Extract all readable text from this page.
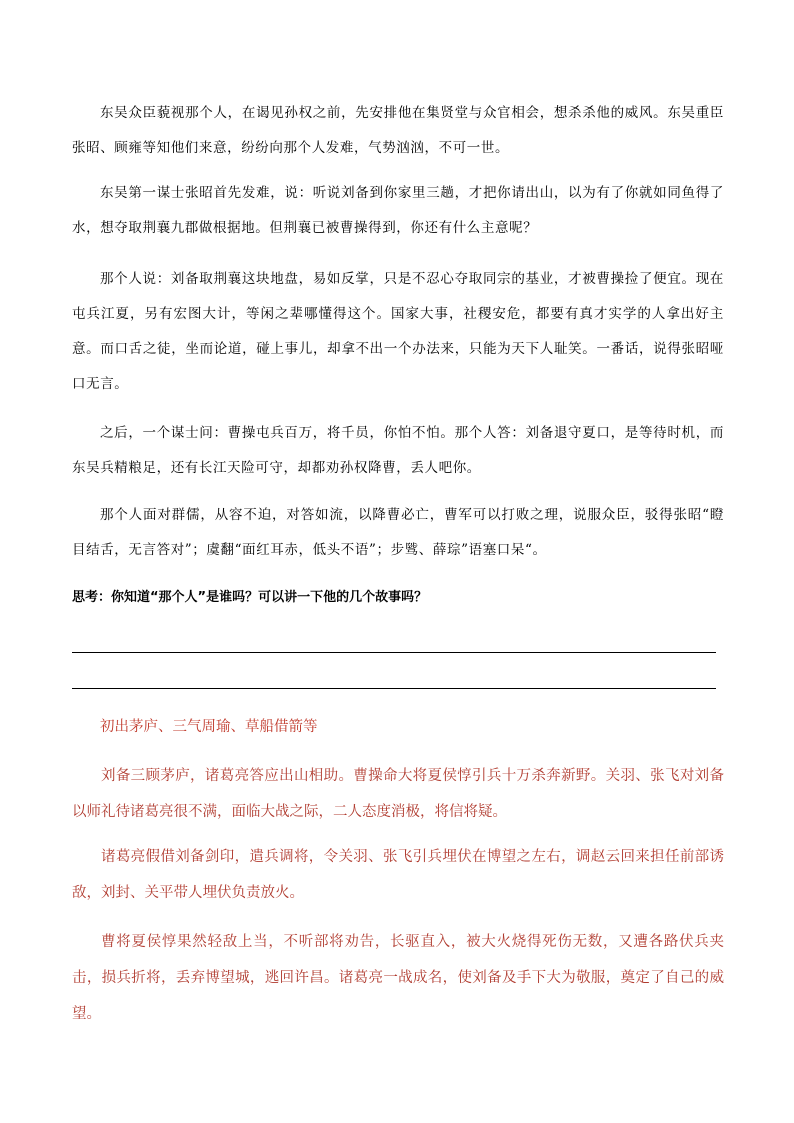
东吴众臣藐视那个人，在谒见孙权之前，先安排他在集贤堂与众官相会，想杀杀他的威风。东吴重臣张昭、顾雍等知他们来意，纷纷向那个人发难，气势汹汹，不可一世。

东吴第一谋士张昭首先发难，说：听说刘备到你家里三趟，才把你请出山，以为有了你就如同鱼得了水，想夺取荆襄九郡做根据地。但荆襄已被曹操得到，你还有什么主意呢？

那个人说：刘备取荆襄这块地盘，易如反掌，只是不忍心夺取同宗的基业，才被曹操捡了便宜。现在屯兵江夏，另有宏图大计，等闲之辈哪懂得这个。国家大事，社稷安危，都要有真才实学的人拿出好主意。而口舌之徒，坐而论道，碰上事儿，却拿不出一个办法来，只能为天下人耻笑。一番话，说得张昭哑口无言。

之后，一个谋士问：曹操屯兵百万，将千员，你怕不怕。那个人答：刘备退守夏口，是等待时机，而东吴兵精粮足，还有长江天险可守，却都劝孙权降曹，丢人吧你。

那个人面对群儒，从容不迫，对答如流，以降曹必亡，曹军可以打败之理，说服众臣，驳得张昭“瞪目结舌，无言答对”；虞翻“面红耳赤，低头不语”；步骘、薛琮”语塞口呆“。

思考：你知道“那个人”是谁吗？可以讲一下他的几个故事吗？

初出茅庐、三气周瑜、草船借箭等

刘备三顾茅庐，诸葛亮答应出山相助。曹操命大将夏侯惇引兵十万杀奔新野。关羽、张飞对刘备以师礼待诸葛亮很不满，面临大战之际，二人态度消极，将信将疑。

诸葛亮假借刘备剑印，遣兵调将，令关羽、张飞引兵埋伏在博望之左右，调赵云回来担任前部诱敌，刘封、关平带人埋伏负责放火。

曹将夏侯惇果然轻敌上当，不听部将劝告，长驱直入，被大火烧得死伤无数，又遭各路伏兵夹击，损兵折将，丢弃博望城，逃回许昌。诸葛亮一战成名，使刘备及手下大为敬服，奠定了自己的威望。
